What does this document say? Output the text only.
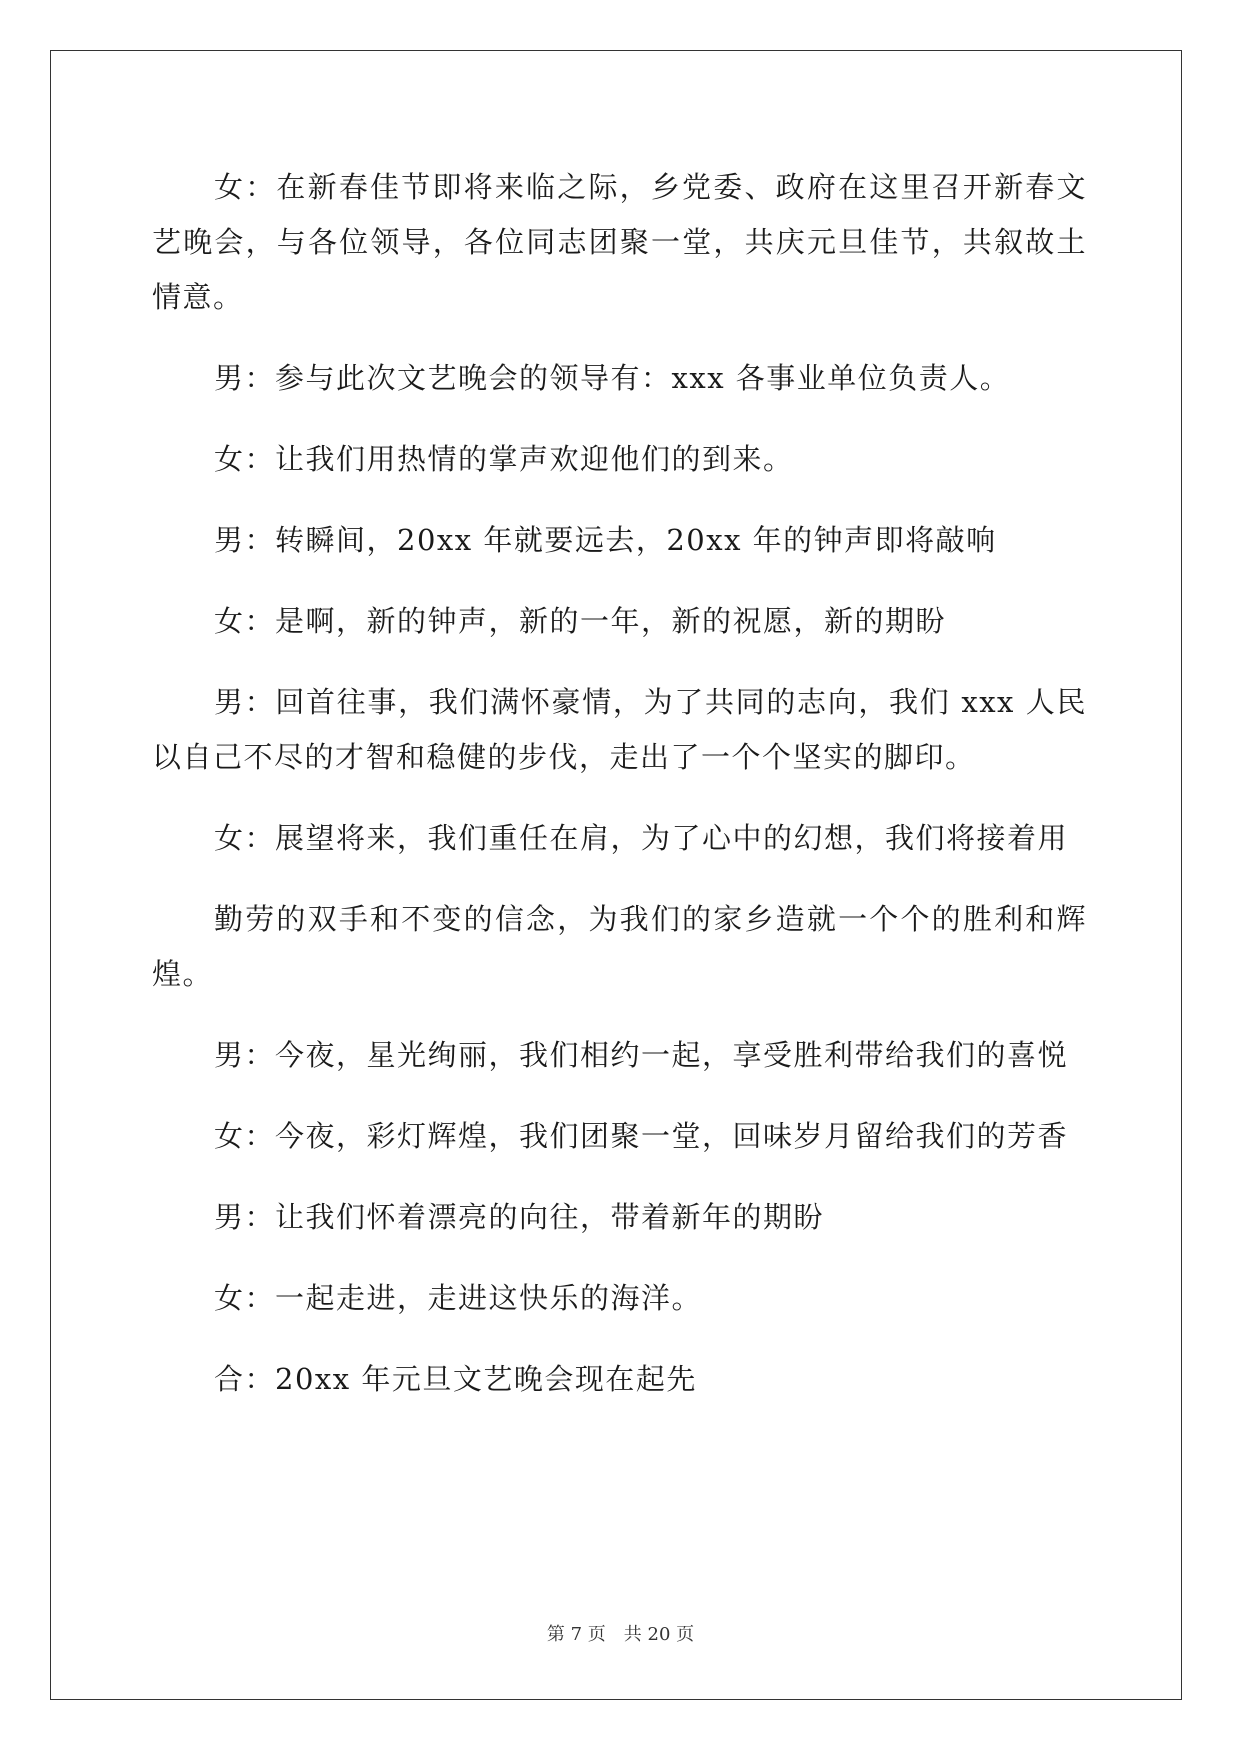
女：在新春佳节即将来临之际，乡党委、政府在这里召开新春文艺晚会，与各位领导，各位同志团聚一堂，共庆元旦佳节，共叙故土情意。

男：参与此次文艺晚会的领导有：xxx 各事业单位负责人。

女：让我们用热情的掌声欢迎他们的到来。

男：转瞬间，20xx 年就要远去，20xx 年的钟声即将敲响

女：是啊，新的钟声，新的一年，新的祝愿，新的期盼

男：回首往事，我们满怀豪情，为了共同的志向，我们 xxx 人民以自己不尽的才智和稳健的步伐，走出了一个个坚实的脚印。

女：展望将来，我们重任在肩，为了心中的幻想，我们将接着用

勤劳的双手和不变的信念，为我们的家乡造就一个个的胜利和辉煌。

男：今夜，星光绚丽，我们相约一起，享受胜利带给我们的喜悦

女：今夜，彩灯辉煌，我们团聚一堂，回味岁月留给我们的芳香

男：让我们怀着漂亮的向往，带着新年的期盼

女：一起走进，走进这快乐的海洋。

合：20xx 年元旦文艺晚会现在起先

第 7 页　共 20 页
